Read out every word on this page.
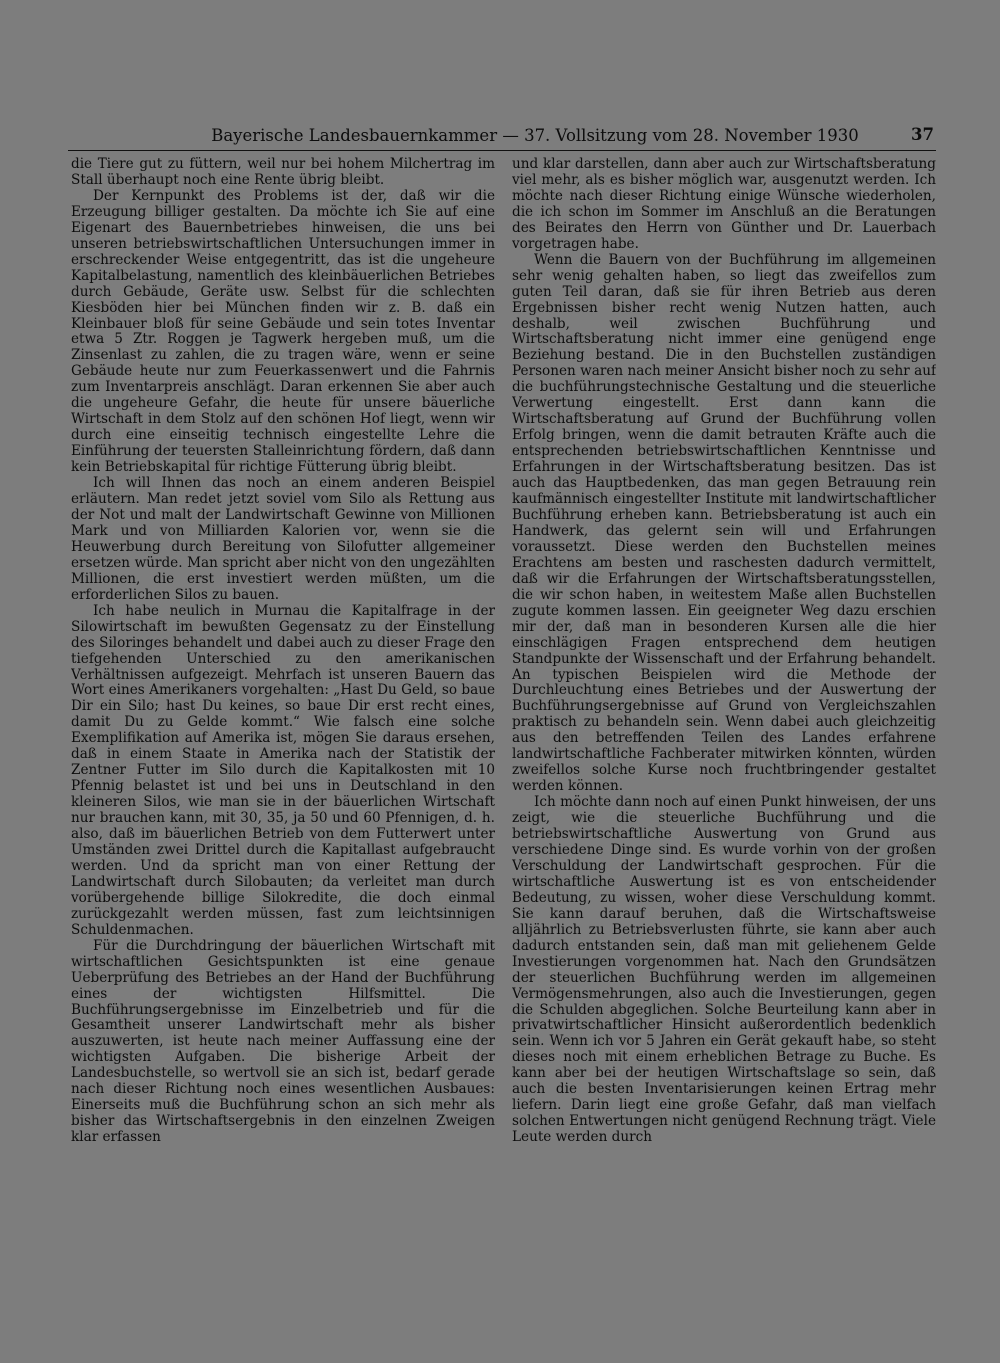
Bayerische Landesbauernkammer — 37. Vollsitzung vom 28. November 1930	37

die Tiere gut zu füttern, weil nur bei hohem Milchertrag im Stall überhaupt noch eine Rente übrig bleibt.

Der Kernpunkt des Problems ist der, daß wir die Erzeugung billiger gestalten. Da möchte ich Sie auf eine Eigenart des Bauernbetriebes hinweisen, die uns bei unseren betriebswirtschaftlichen Untersuchungen immer in erschreckender Weise entgegentritt, das ist die ungeheure Kapitalbelastung, namentlich des kleinbäuerlichen Betriebes durch Gebäude, Geräte usw. Selbst für die schlechten Kiesböden hier bei München finden wir z. B. daß ein Kleinbauer bloß für seine Gebäude und sein totes Inventar etwa 5 Ztr. Roggen je Tagwerk hergeben muß, um die Zinsenlast zu zahlen, die zu tragen wäre, wenn er seine Gebäude heute nur zum Feuerkassenwert und die Fahrnis zum Inventarpreis anschlägt. Daran erkennen Sie aber auch die ungeheure Gefahr, die heute für unsere bäuerliche Wirtschaft in dem Stolz auf den schönen Hof liegt, wenn wir durch eine einseitig technisch eingestellte Lehre die Einführung der teuersten Stalleinrichtung fördern, daß dann kein Betriebskapital für richtige Fütterung übrig bleibt.

Ich will Ihnen das noch an einem anderen Beispiel erläutern. Man redet jetzt soviel vom Silo als Rettung aus der Not und malt der Landwirtschaft Gewinne von Millionen Mark und von Milliarden Kalorien vor, wenn sie die Heuwerbung durch Bereitung von Silofutter allgemeiner ersetzen würde. Man spricht aber nicht von den ungezählten Millionen, die erst investiert werden müßten, um die erforderlichen Silos zu bauen.

Ich habe neulich in Murnau die Kapitalfrage in der Silowirtschaft im bewußten Gegensatz zu der Einstellung des Siloringes behandelt und dabei auch zu dieser Frage den tiefgehenden Unterschied zu den amerikanischen Verhältnissen aufgezeigt. Mehrfach ist unseren Bauern das Wort eines Amerikaners vorgehalten: „Hast Du Geld, so baue Dir ein Silo; hast Du keines, so baue Dir erst recht eines, damit Du zu Gelde kommt.“ Wie falsch eine solche Exemplifikation auf Amerika ist, mögen Sie daraus ersehen, daß in einem Staate in Amerika nach der Statistik der Zentner Futter im Silo durch die Kapitalkosten mit 10 Pfennig belastet ist und bei uns in Deutschland in den kleineren Silos, wie man sie in der bäuerlichen Wirtschaft nur brauchen kann, mit 30, 35, ja 50 und 60 Pfennigen, d. h. also, daß im bäuerlichen Betrieb von dem Futterwert unter Umständen zwei Drittel durch die Kapitallast aufgebraucht werden. Und da spricht man von einer Rettung der Landwirtschaft durch Silobauten; da verleitet man durch vorübergehende billige Silokredite, die doch einmal zurückgezahlt werden müssen, fast zum leichtsinnigen Schuldenmachen.

Für die Durchdringung der bäuerlichen Wirtschaft mit wirtschaftlichen Gesichtspunkten ist eine genaue Ueberprüfung des Betriebes an der Hand der Buchführung eines der wichtigsten Hilfsmittel. Die Buchführungsergebnisse im Einzelbetrieb und für die Gesamtheit unserer Landwirtschaft mehr als bisher auszuwerten, ist heute nach meiner Auffassung eine der wichtigsten Aufgaben. Die bisherige Arbeit der Landesbuchstelle, so wertvoll sie an sich ist, bedarf gerade nach dieser Richtung noch eines wesentlichen Ausbaues: Einerseits muß die Buchführung schon an sich mehr als bisher das Wirtschaftsergebnis in den einzelnen Zweigen klar erfassen

und klar darstellen, dann aber auch zur Wirtschaftsberatung viel mehr, als es bisher möglich war, ausgenutzt werden. Ich möchte nach dieser Richtung einige Wünsche wiederholen, die ich schon im Sommer im Anschluß an die Beratungen des Beirates den Herrn von Günther und Dr. Lauerbach vorgetragen habe.

Wenn die Bauern von der Buchführung im allgemeinen sehr wenig gehalten haben, so liegt das zweifellos zum guten Teil daran, daß sie für ihren Betrieb aus deren Ergebnissen bisher recht wenig Nutzen hatten, auch deshalb, weil zwischen Buchführung und Wirtschaftsberatung nicht immer eine genügend enge Beziehung bestand. Die in den Buchstellen zuständigen Personen waren nach meiner Ansicht bisher noch zu sehr auf die buchführungstechnische Gestaltung und die steuerliche Verwertung eingestellt. Erst dann kann die Wirtschaftsberatung auf Grund der Buchführung vollen Erfolg bringen, wenn die damit betrauten Kräfte auch die entsprechenden betriebswirtschaftlichen Kenntnisse und Erfahrungen in der Wirtschaftsberatung besitzen. Das ist auch das Hauptbedenken, das man gegen Betrauung rein kaufmännisch eingestellter Institute mit landwirtschaftlicher Buchführung erheben kann. Betriebsberatung ist auch ein Handwerk, das gelernt sein will und Erfahrungen voraussetzt. Diese werden den Buchstellen meines Erachtens am besten und raschesten dadurch vermittelt, daß wir die Erfahrungen der Wirtschaftsberatungsstellen, die wir schon haben, in weitestem Maße allen Buchstellen zugute kommen lassen. Ein geeigneter Weg dazu erschien mir der, daß man in besonderen Kursen alle die hier einschlägigen Fragen entsprechend dem heutigen Standpunkte der Wissenschaft und der Erfahrung behandelt. An typischen Beispielen wird die Methode der Durchleuchtung eines Betriebes und der Auswertung der Buchführungsergebnisse auf Grund von Vergleichszahlen praktisch zu behandeln sein. Wenn dabei auch gleichzeitig aus den betreffenden Teilen des Landes erfahrene landwirtschaftliche Fachberater mitwirken könnten, würden zweifellos solche Kurse noch fruchtbringender gestaltet werden können.

Ich möchte dann noch auf einen Punkt hinweisen, der uns zeigt, wie die steuerliche Buchführung und die betriebswirtschaftliche Auswertung von Grund aus verschiedene Dinge sind. Es wurde vorhin von der großen Verschuldung der Landwirtschaft gesprochen. Für die wirtschaftliche Auswertung ist es von entscheidender Bedeutung, zu wissen, woher diese Verschuldung kommt. Sie kann darauf beruhen, daß die Wirtschaftsweise alljährlich zu Betriebsverlusten führte, sie kann aber auch dadurch entstanden sein, daß man mit geliehenem Gelde Investierungen vorgenommen hat. Nach den Grundsätzen der steuerlichen Buchführung werden im allgemeinen Vermögensmehrungen, also auch die Investierungen, gegen die Schulden abgeglichen. Solche Beurteilung kann aber in privatwirtschaftlicher Hinsicht außerordentlich bedenklich sein. Wenn ich vor 5 Jahren ein Gerät gekauft habe, so steht dieses noch mit einem erheblichen Betrage zu Buche. Es kann aber bei der heutigen Wirtschaftslage so sein, daß auch die besten Inventarisierungen keinen Ertrag mehr liefern. Darin liegt eine große Gefahr, daß man vielfach solchen Entwertungen nicht genügend Rechnung trägt. Viele Leute werden durch
